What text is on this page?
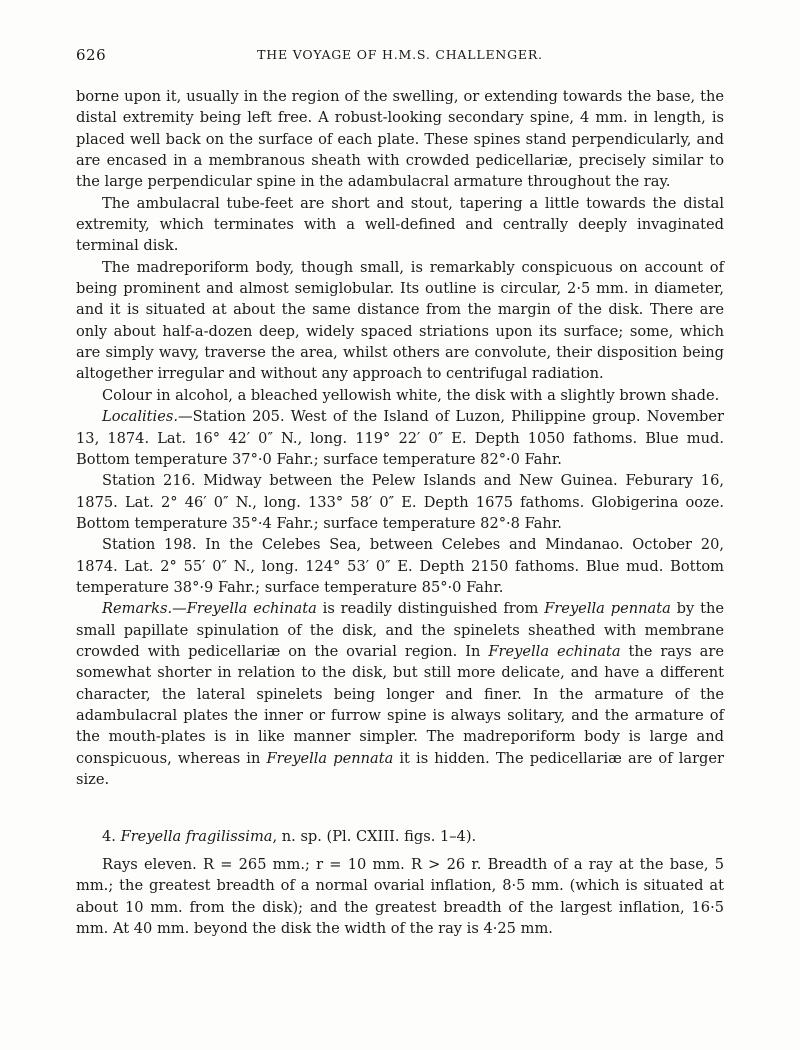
626	THE VOYAGE OF H.M.S. CHALLENGER.

borne upon it, usually in the region of the swelling, or extending towards the base, the distal extremity being left free. A robust-looking secondary spine, 4 mm. in length, is placed well back on the surface of each plate. These spines stand perpendicularly, and are encased in a membranous sheath with crowded pedicellariæ, precisely similar to the large perpendicular spine in the adambulacral armature throughout the ray.

The ambulacral tube-feet are short and stout, tapering a little towards the distal extremity, which terminates with a well-defined and centrally deeply invaginated terminal disk.

The madreporiform body, though small, is remarkably conspicuous on account of being prominent and almost semiglobular. Its outline is circular, 2·5 mm. in diameter, and it is situated at about the same distance from the margin of the disk. There are only about half-a-dozen deep, widely spaced striations upon its surface; some, which are simply wavy, traverse the area, whilst others are convolute, their disposition being altogether irregular and without any approach to centrifugal radiation.

Colour in alcohol, a bleached yellowish white, the disk with a slightly brown shade.

Localities.—Station 205. West of the Island of Luzon, Philippine group. November 13, 1874. Lat. 16° 42′ 0″ N., long. 119° 22′ 0″ E. Depth 1050 fathoms. Blue mud. Bottom temperature 37°·0 Fahr.; surface temperature 82°·0 Fahr.

Station 216. Midway between the Pelew Islands and New Guinea. Feburary 16, 1875. Lat. 2° 46′ 0″ N., long. 133° 58′ 0″ E. Depth 1675 fathoms. Globigerina ooze. Bottom temperature 35°·4 Fahr.; surface temperature 82°·8 Fahr.

Station 198. In the Celebes Sea, between Celebes and Mindanao. October 20, 1874. Lat. 2° 55′ 0″ N., long. 124° 53′ 0″ E. Depth 2150 fathoms. Blue mud. Bottom temperature 38°·9 Fahr.; surface temperature 85°·0 Fahr.

Remarks.—Freyella echinata is readily distinguished from Freyella pennata by the small papillate spinulation of the disk, and the spinelets sheathed with membrane crowded with pedicellariæ on the ovarial region. In Freyella echinata the rays are somewhat shorter in relation to the disk, but still more delicate, and have a different character, the lateral spinelets being longer and finer. In the armature of the adambulacral plates the inner or furrow spine is always solitary, and the armature of the mouth-plates is in like manner simpler. The madreporiform body is large and conspicuous, whereas in Freyella pennata it is hidden. The pedicellariæ are of larger size.

4. Freyella fragilissima, n. sp. (Pl. CXIII. figs. 1–4).

Rays eleven. R = 265 mm.; r = 10 mm. R > 26 r. Breadth of a ray at the base, 5 mm.; the greatest breadth of a normal ovarial inflation, 8·5 mm. (which is situated at about 10 mm. from the disk); and the greatest breadth of the largest inflation, 16·5 mm. At 40 mm. beyond the disk the width of the ray is 4·25 mm.
